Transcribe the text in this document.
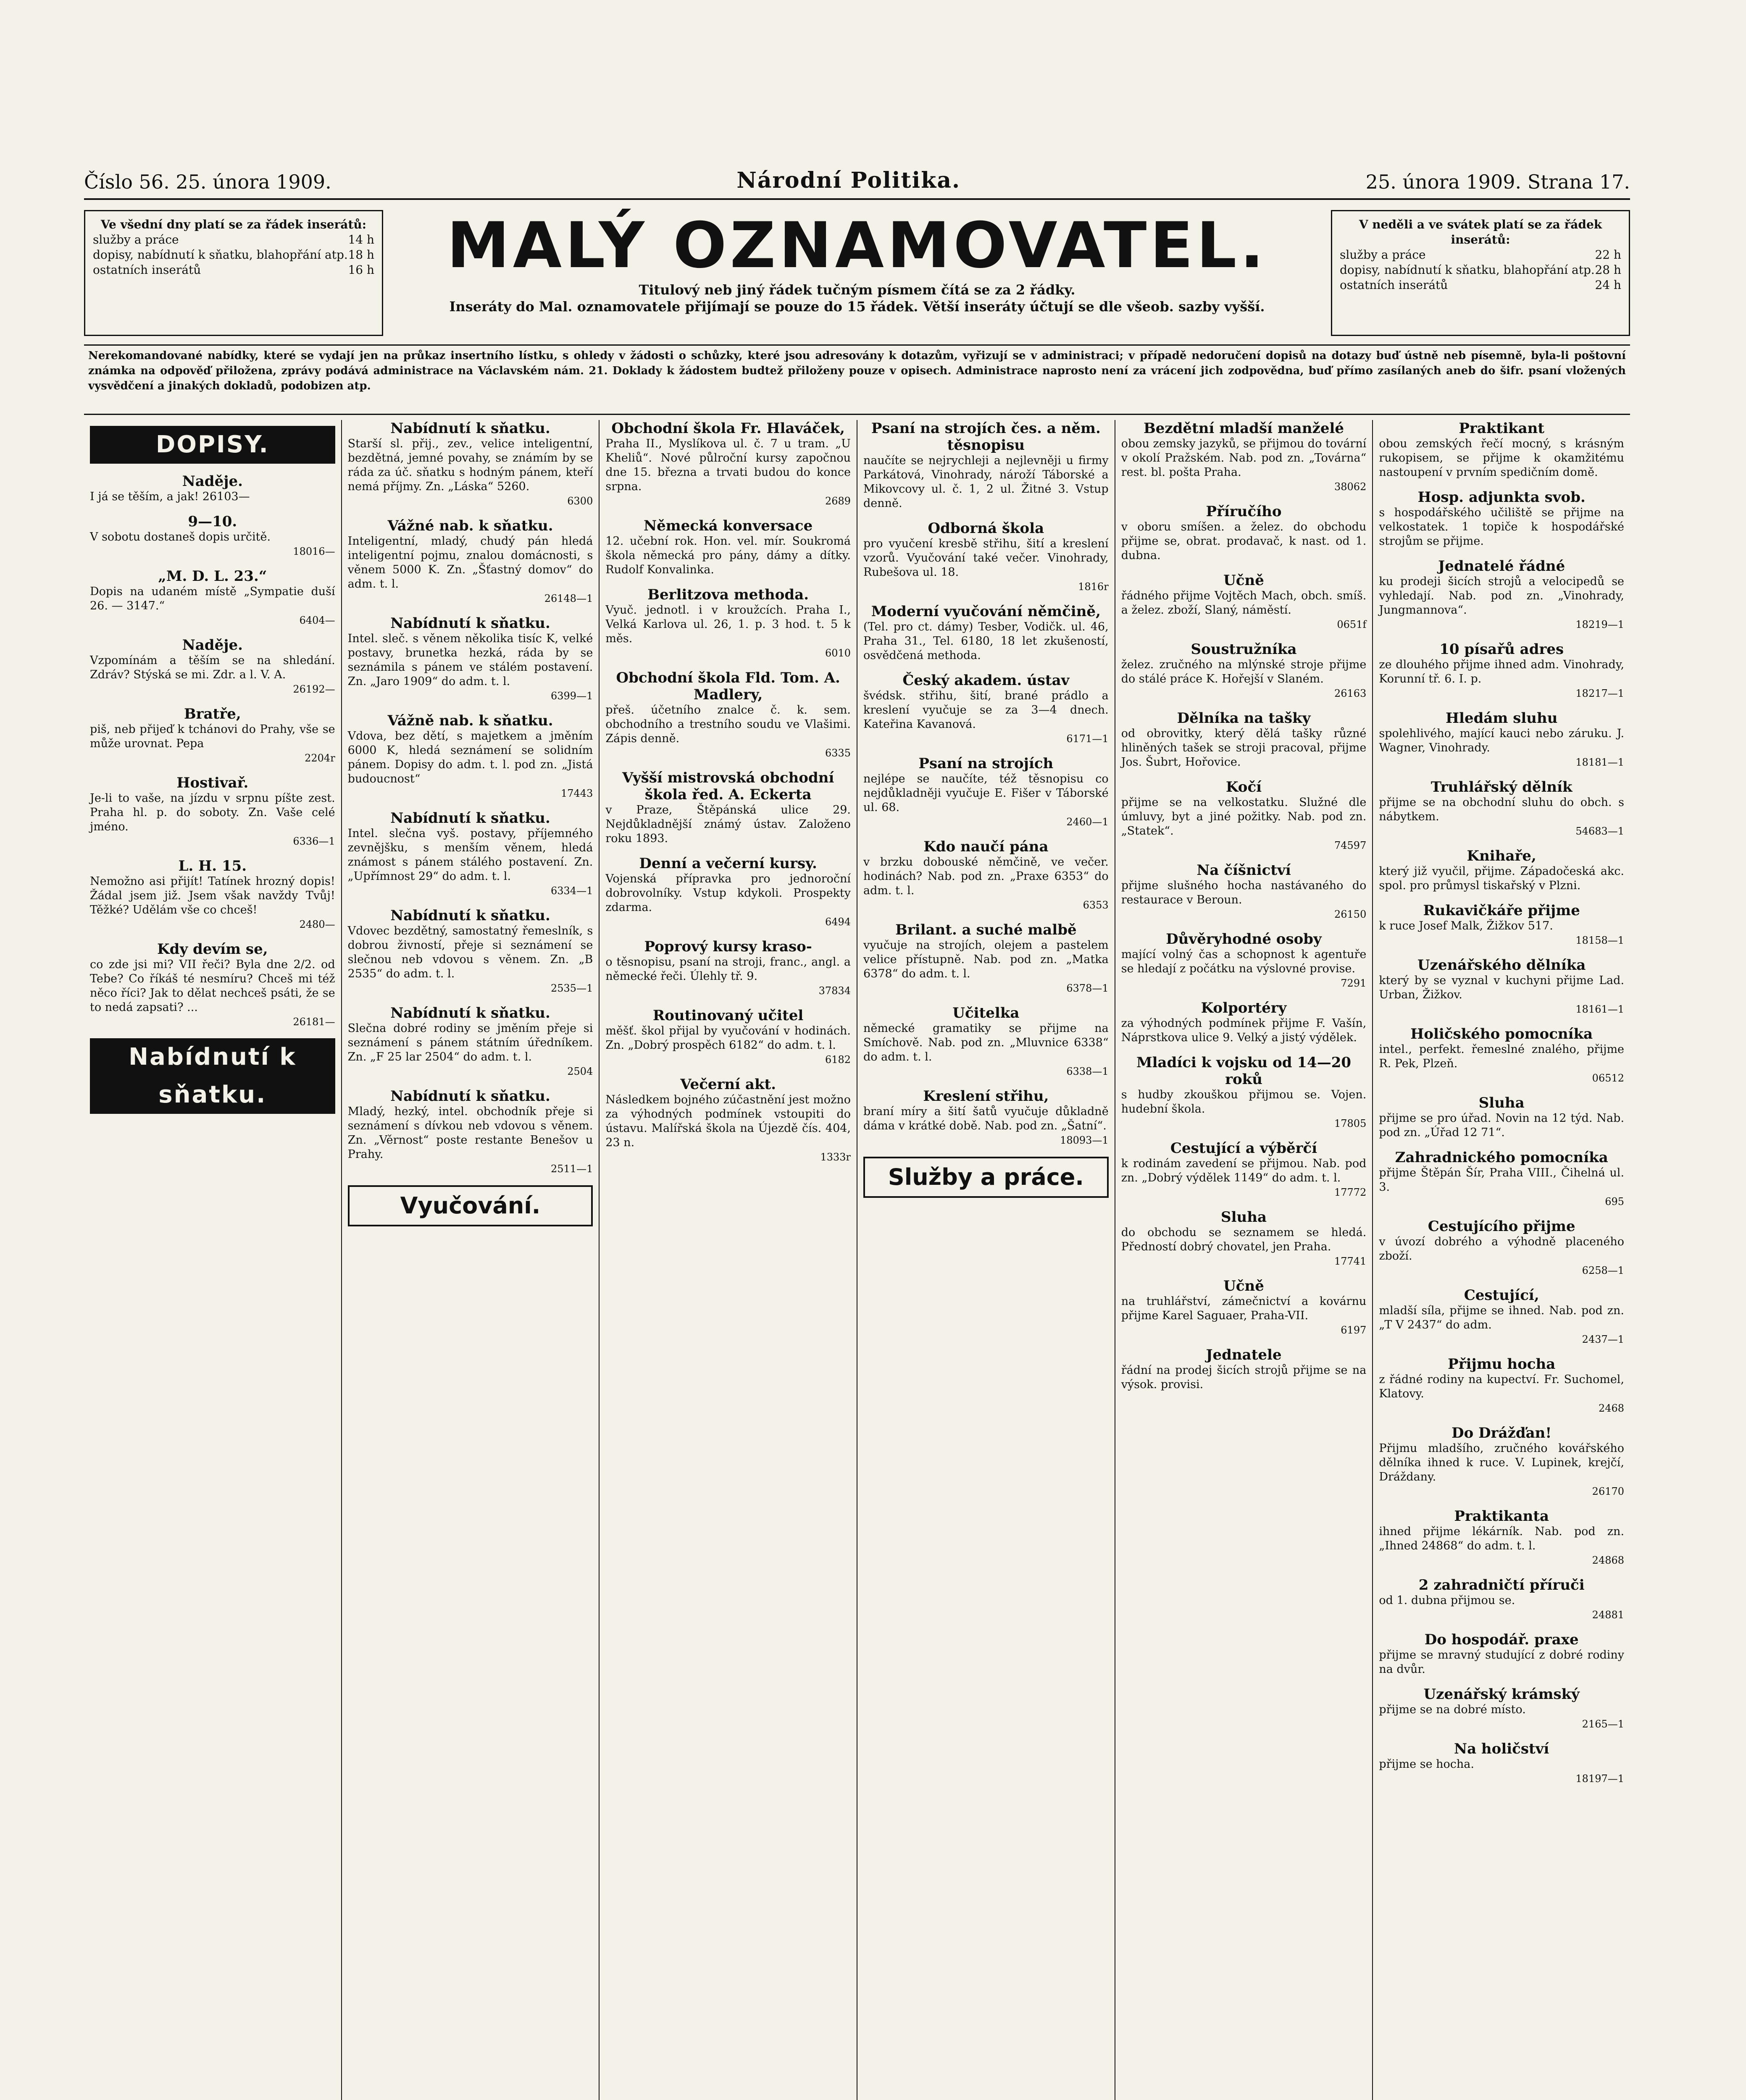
Číslo 56. 25. února 1909.	Národní Politika.	25. února 1909. Strana 17.
Ve všední dny platí se za řádek inserátů:
služby a práce	14 h
dopisy, nabídnutí k sňatku, blahopřání atp. 18 h
ostatních inserátů	16 h	MALÝ OZNAMOVATEL.
Titulový neb jiný řádek tučným písmem čítá se za 2 řádky.
Inseráty do Mal. oznamovatele přijímají se pouze do 15 řádek. Větší inseráty účtují se dle všeob. sazby vyšší.
V neděli a ve svátek platí se za řádek inserátů:
služby a práce	22 h
dopisy, nabídnutí k sňatku, blahopřání atp. 28 h
ostatních inserátů	24 h
Nerekomandované nabídky, které se vydají jen na průkaz insertního lístku, s ohledy v žádosti o schůzky, které jsou adresovány k dotazům, vyřizují se v administraci; v případě nedoručení dopisů na dotazy buď ústně neb písemně, byla-li poštovní známka na odpověď přiložena, zprávy podává administrace na Václavském nám. 21. Doklady k žádostem budtež přiloženy pouze v opisech. Administrace naprosto není za vrácení jich zodpovědna, buď přímo zasílaných aneb do šifr. psaní vložených vysvědčení a jinakých dokladů, podobizen atp.
DOPISY.
Naděje.
I já se těším, a jak! 26103—
9—10.
V sobotu dostaneš dopis určitě.
18016—
„M. D. L. 23.“
Dopis na udaném místě „Sympatie duší 26. — 3147.“
6404—
Naděje.
Vzpomínám a těším se na shledání. Zdráv? Stýská se mi. Zdr. a l. V. A.
26192—
Bratře,
piš, neb přijeď k tchánovi do Prahy, vše se může urovnat. Pepa
2204r
Hostivař.
Je-li to vaše, na jízdu v srpnu píšte zest. Praha hl. p. do soboty. Zn. Vaše celé jméno.
6336—1
L. H. 15.
Nemožno asi přijít! Tatínek hrozný dopis! Žádal jsem již. Jsem však navždy Tvůj! Těžké? Udělám vše co chceš!
2480—
Kdy devím se,
co zde jsi mi? VII řeči? Byla dne 2/2. od Tebe? Co říkáš té nesmíru? Chceš mi též něco říci? Jak to dělat nechceš psáti, že se to nedá zapsati? ...
26181—
Nabídnutí k sňatku.
Nabídnutí k sňatku.
Starší sl. přij., zev., velice inteligentní, bezdětná, jemné povahy, se známím by se ráda za úč. sňatku s hodným pánem, kteří nemá příjmy. Zn. „Láska“ 5260.
6300
Vážné nab. k sňatku.
Inteligentní, mladý, chudý pán hledá inteligentní pojmu, znalou domácnosti, s věnem 5000 K. Zn. „Šťastný domov“ do adm. t. l.
26148—1
Nabídnutí k sňatku.
Intel. sleč. s věnem několika tisíc K, velké postavy, brunetka hezká, ráda by se seznámila s pánem ve stálém postavení. Zn. „Jaro 1909“ do adm. t. l.
6399—1
Vážně nab. k sňatku.
Vdova, bez dětí, s majetkem a jměním 6000 K, hledá seznámení se solidním pánem. Dopisy do adm. t. l. pod zn. „Jistá budoucnost“
17443
Nabídnutí k sňatku.
Intel. slečna vyš. postavy, příjemného zevnějšku, s menším věnem, hledá známost s pánem stálého postavení. Zn. „Upřímnost 29“ do adm. t. l.
6334—1
Nabídnutí k sňatku.
Vdovec bezdětný, samostatný řemeslník, s dobrou živností, přeje si seznámení se slečnou neb vdovou s věnem. Zn. „B 2535“ do adm. t. l.
2535—1
Nabídnutí k sňatku.
Slečna dobré rodiny se jměním přeje si seznámení s pánem státním úředníkem. Zn. „F 25 lar 2504“ do adm. t. l.
2504
Nabídnutí k sňatku.
Mladý, hezký, intel. obchodník přeje si seznámení s dívkou neb vdovou s věnem. Zn. „Věrnost“ poste restante Benešov u Prahy.
2511—1
Vyučování.
Obchodní škola Fr. Hlaváček,
Praha II., Myslíkova ul. č. 7 u tram. „U Kheliů“. Nové půlroční kursy započnou dne 15. března a trvati budou do konce srpna.
2689
Německá konversace
12. učební rok. Hon. vel. mír. Soukromá škola německá pro pány, dámy a dítky. Rudolf Konvalinka.
Berlitzova methoda.
Vyuč. jednotl. i v kroužcích. Praha I., Velká Karlova ul. 26, 1. p. 3 hod. t. 5 k měs.
6010
Obchodní škola Fld. Tom. A. Madlery,
přeš. účetního znalce č. k. sem. obchodního a trestního soudu ve Vlašimi. Zápis denně.
6335
Vyšší mistrovská obchodní škola řed. A. Eckerta
v Praze, Štěpánská ulice 29. Nejdůkladnější známý ústav. Založeno roku 1893.
Denní a večerní kursy.
Vojenská přípravka pro jednoroční dobrovolníky. Vstup kdykoli. Prospekty zdarma.
6494
Poprový kursy kraso-
o těsnopisu, psaní na stroji, franc., angl. a německé řeči. Úlehly tř. 9.
37834
Routinovaný učitel
měšť. škol přijal by vyučování v hodinách. Zn. „Dobrý prospěch 6182“ do adm. t. l.
6182
Večerní akt.
Následkem bojného zúčastnění jest možno za výhodných podmínek vstoupiti do ústavu. Malířská škola na Újezdě čís. 404, 23 n.
1333r
Psaní na strojích čes. a něm. těsnopisu
naučíte se nejrychleji a nejlevněji u firmy Parkátová, Vinohrady, nároží Táborské a Mikovcovy ul. č. 1, 2 ul. Žitné 3. Vstup denně.
Odborná škola
pro vyučení kresbě střihu, šití a kreslení vzorů. Vyučování také večer. Vinohrady, Rubešova ul. 18.
1816r
Moderní vyučování němčině,
(Tel. pro ct. dámy) Tesber, Vodičk. ul. 46, Praha 31., Tel. 6180, 18 let zkušeností, osvědčená methoda.
Český akadem. ústav
švédsk. střihu, šití, brané prádlo a kreslení vyučuje se za 3—4 dnech. Kateřina Kavanová.
6171—1
Psaní na strojích
nejlépe se naučíte, též těsnopisu co nejdůkladněji vyučuje E. Fišer v Táborské ul. 68.
2460—1
Kdo naučí pána
v brzku dobouské němčině, ve večer. hodinách? Nab. pod zn. „Praxe 6353“ do adm. t. l.
6353
Brilant. a suché malbě
vyučuje na strojích, olejem a pastelem velice přístupně. Nab. pod zn. „Matka 6378“ do adm. t. l.
6378—1
Učitelka
německé gramatiky se přijme na Smíchově. Nab. pod zn. „Mluvnice 6338“ do adm. t. l.
6338—1
Kreslení střihu,
braní míry a šití šatů vyučuje důkladně dáma v krátké době. Nab. pod zn. „Šatní“.
18093—1
Služby a práce.
Bezdětní mladší manželé
obou zemsky jazyků, se přijmou do tovární v okolí Pražském. Nab. pod zn. „Továrna“ rest. bl. pošta Praha.
38062
Příručího
v oboru smíšen. a želez. do obchodu přijme se, obrat. prodavač, k nast. od 1. dubna.
Učně
řádného přijme Vojtěch Mach, obch. smíš. a želez. zboží, Slaný, náměstí.
0651f
Soustružníka
želez. zručného na mlýnské stroje přijme do stálé práce K. Hořejší v Slaném.
26163
Dělníka na tašky
od obrovitky, který dělá tašky různé hliněných tašek se stroji pracoval, přijme Jos. Šubrt, Hořovice.
Kočí
přijme se na velkostatku. Služné dle úmluvy, byt a jiné požitky. Nab. pod zn. „Statek“.
74597
Na číšnictví
přijme slušného hocha nastávaného do restaurace v Beroun.
26150
Důvěryhodné osoby
mající volný čas a schopnost k agentuře se hledají z počátku na výslovné provise.
7291
Kolportéry
za výhodných podmínek přijme F. Vašín, Náprstkova ulice 9. Velký a jistý výdělek.
Mladíci k vojsku od 14—20 roků
s hudby zkouškou přijmou se. Vojen. hudební škola.
17805
Cestující a výběrčí
k rodinám zavedení se přijmou. Nab. pod zn. „Dobrý výdělek 1149“ do adm. t. l.
17772
Sluha
do obchodu se seznamem se hledá. Předností dobrý chovatel, jen Praha.
17741
Učně
na truhlářství, zámečnictví a kovárnu přijme Karel Saguaer, Praha-VII.
6197
Jednatele
řádní na prodej šicích strojů přijme se na výsok. provisi.
Praktikant
obou zemských řečí mocný, s krásným rukopisem, se přijme k okamžitému nastoupení v prvním spedičním domě.
Hosp. adjunkta svob.
s hospodářského učiliště se přijme na velkostatek. 1 topiče k hospodářské strojům se přijme.
Jednatelé řádné
ku prodeji šicích strojů a velocipedů se vyhledají. Nab. pod zn. „Vinohrady, Jungmannova“.
18219—1
10 písařů adres
ze dlouhého přijme ihned adm. Vinohrady, Korunní tř. 6. I. p.
18217—1
Hledám sluhu
spolehlivého, mající kauci nebo záruku. J. Wagner, Vinohrady.
18181—1
Truhlářský dělník
přijme se na obchodní sluhu do obch. s nábytkem.
54683—1
Knihaře,
který již vyučil, přijme. Západočeská akc. spol. pro průmysl tiskařský v Plzni.
Rukavičkáře přijme
k ruce Josef Malk, Žižkov 517.
18158—1
Uzenářského dělníka
který by se vyznal v kuchyni přijme Lad. Urban, Žižkov.
18161—1
Holičského pomocníka
intel., perfekt. řemeslné znalého, přijme R. Pek, Plzeň.
06512
Sluha
přijme se pro úřad. Novin na 12 týd. Nab. pod zn. „Úřad 12 71“.
Zahradnického pomocníka
přijme Štěpán Šír, Praha VIII., Čihelná ul. 3.
695
Cestujícího přijme
v úvozí dobrého a výhodně placeného zboží.
6258—1
Cestující,
mladší síla, přijme se ihned. Nab. pod zn. „T V 2437“ do adm.
2437—1
Přijmu hocha
z řádné rodiny na kupectví. Fr. Suchomel, Klatovy.
2468
Do Drážďan!
Přijmu mladšího, zručného kovářského dělníka ihned k ruce. V. Lupinek, krejčí, Dráždany.
26170
Praktikanta
ihned přijme lékárník. Nab. pod zn. „Ihned 24868“ do adm. t. l.
24868
2 zahradničtí příruči
od 1. dubna přijmou se.
24881
Do hospodář. praxe
přijme se mravný studující z dobré rodiny na dvůr.
Uzenářský krámský
přijme se na dobré místo.
2165—1
Na holičství
přijme se hocha.
18197—1
